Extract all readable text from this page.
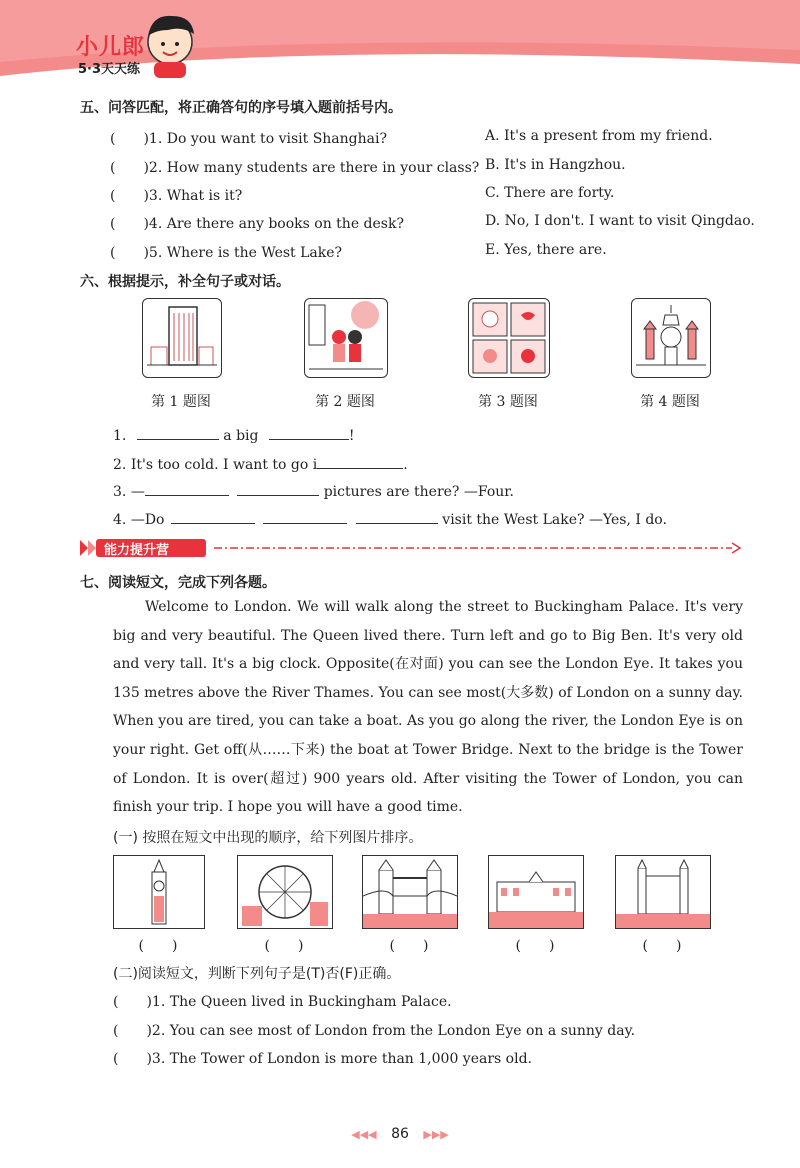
小儿郎
5·3天天练
五、问答匹配，将正确答句的序号填入题前括号内。
(　　)1. Do you want to visit Shanghai?
(　　)2. How many students are there in your class?
(　　)3. What is it?
(　　)4. Are there any books on the desk?
(　　)5. Where is the West Lake?
A. It's a present from my friend.
B. It's in Hangzhou.
C. There are forty.
D. No, I don't. I want to visit Qingdao.
E. Yes, there are.
六、根据提示，补全句子或对话。
第 1 题图	第 2 题图	第 3 题图	第 4 题图
1.	a big	!
2. It's too cold. I want to go i	.
3. —	pictures are there? —Four.
4. —Do	visit the West Lake? —Yes, I do.
能力提升营
七、阅读短文，完成下列各题。

Welcome to London. We will walk along the street to Buckingham Palace. It's very big and very beautiful. The Queen lived there. Turn left and go to Big Ben. It's very old and very tall. It's a big clock. Opposite(在对面) you can see the London Eye. It takes you 135 metres above the River Thames. You can see most(大多数) of London on a sunny day. When you are tired, you can take a boat. As you go along the river, the London Eye is on your right. Get off(从……下来) the boat at Tower Bridge. Next to the bridge is the Tower of London. It is over(超过) 900 years old. After visiting the Tower of London, you can finish your trip. I hope you will have a good time.

(一) 按照在短文中出现的顺序，给下列图片排序。
(　　)	(　　)	(　　)	(　　)	(　　)
(二)阅读短文，判断下列句子是(T)否(F)正确。
(　　)1. The Queen lived in Buckingham Palace.
(　　)2. You can see most of London from the London Eye on a sunny day.
(　　)3. The Tower of London is more than 1,000 years old.
◀◀◀ 86 ▶▶▶
